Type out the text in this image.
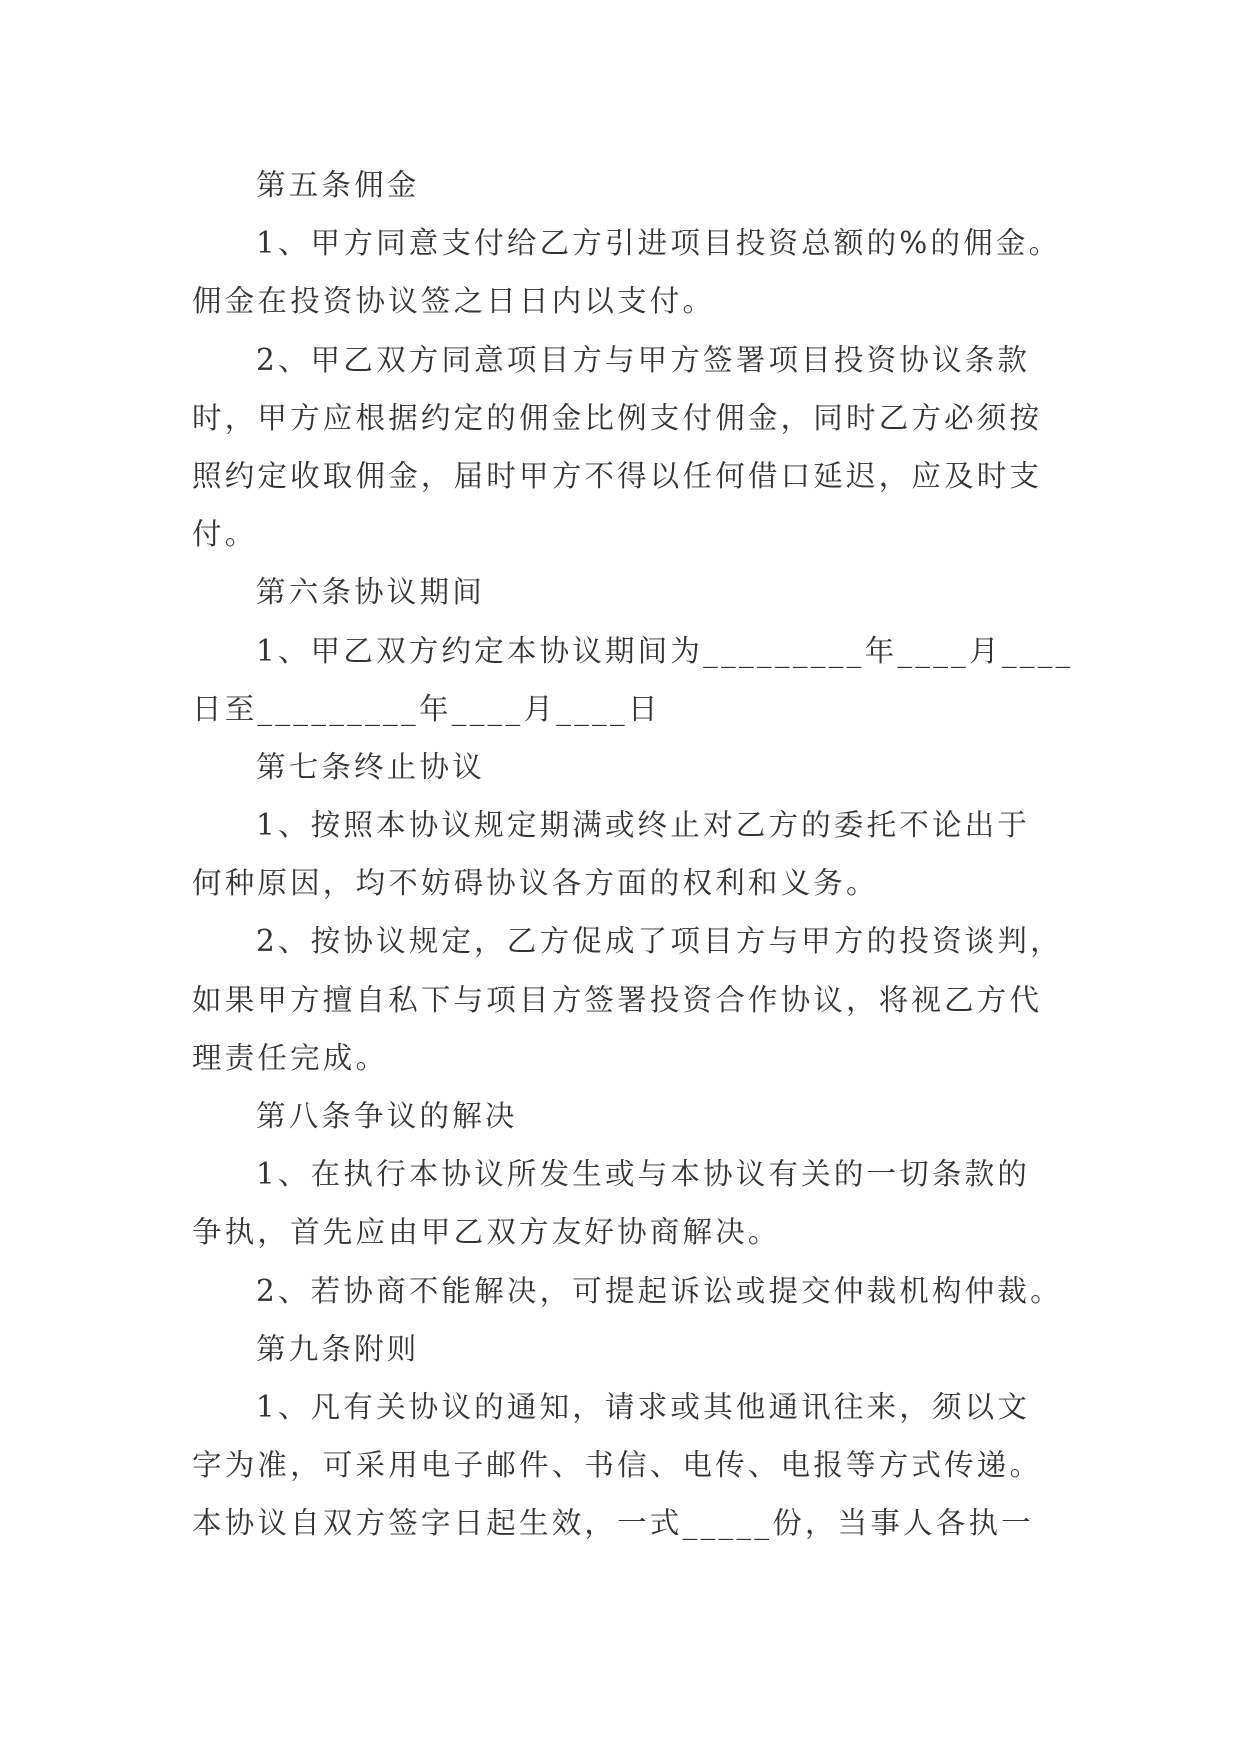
第五条佣金
1、甲方同意支付给乙方引进项目投资总额的%的佣金。
佣金在投资协议签之日日内以支付。
2、甲乙双方同意项目方与甲方签署项目投资协议条款
时，甲方应根据约定的佣金比例支付佣金，同时乙方必须按
照约定收取佣金，届时甲方不得以任何借口延迟，应及时支
付。
第六条协议期间
1、甲乙双方约定本协议期间为_________年____月____
日至_________年____月____日
第七条终止协议
1、按照本协议规定期满或终止对乙方的委托不论出于
何种原因，均不妨碍协议各方面的权利和义务。
2、按协议规定，乙方促成了项目方与甲方的投资谈判，
如果甲方擅自私下与项目方签署投资合作协议，将视乙方代
理责任完成。
第八条争议的解决
1、在执行本协议所发生或与本协议有关的一切条款的
争执，首先应由甲乙双方友好协商解决。
2、若协商不能解决，可提起诉讼或提交仲裁机构仲裁。
第九条附则
1、凡有关协议的通知，请求或其他通讯往来，须以文
字为准，可采用电子邮件、书信、电传、电报等方式传递。
本协议自双方签字日起生效，一式_____份，当事人各执一
